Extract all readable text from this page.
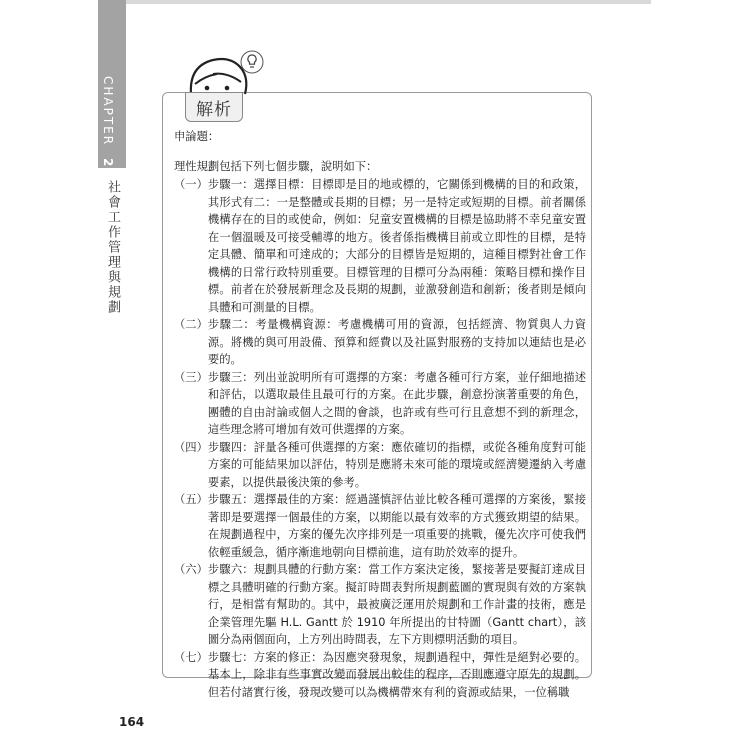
CHAPTER 2
社會工作管理與規劃
解析
申論題：
理性規劃包括下列七個步驟，說明如下：
（一） 步驟一：選擇目標：目標即是目的地或標的，它關係到機構的目的和政策，其形式有二：一是整體或長期的目標；另一是特定或短期的目標。前者關係機構存在的目的或使命，例如：兒童安置機構的目標是協助將不幸兒童安置在一個溫暖及可接受輔導的地方。後者係指機構目前或立即性的目標，是特定具體、簡單和可達成的；大部分的目標皆是短期的，這種目標對社會工作機構的日常行政特別重要。目標管理的目標可分為兩種：策略目標和操作目標。前者在於發展新理念及長期的規劃，並激發創造和創新；後者則是傾向具體和可測量的目標。
（二） 步驟二：考量機構資源：考慮機構可用的資源，包括經濟、物質與人力資源。將機的與可用設備、預算和經費以及社區對服務的支持加以連結也是必要的。
（三） 步驟三：列出並說明所有可選擇的方案：考慮各種可行方案，並仔細地描述和評估，以選取最佳且最可行的方案。在此步驟，創意扮演著重要的角色，團體的自由討論或個人之間的會談，也許或有些可行且意想不到的新理念，這些理念將可增加有效可供選擇的方案。
（四） 步驟四：評量各種可供選擇的方案：應依確切的指標，或從各種角度對可能方案的可能結果加以評估，特別是應將未來可能的環境或經濟變遷納入考慮要素，以提供最後決策的參考。
（五） 步驟五：選擇最佳的方案：經過謹慎評估並比較各種可選擇的方案後，緊接著即是要選擇一個最佳的方案，以期能以最有效率的方式獲致期望的結果。在規劃過程中，方案的優先次序排列是一項重要的挑戰，優先次序可使我們依輕重緩急，循序漸進地朝向目標前進，這有助於效率的提升。
（六） 步驟六：規劃具體的行動方案：當工作方案決定後，緊接著是要擬訂達成目標之具體明確的行動方案。擬訂時間表對所規劃藍圖的實現與有效的方案執行，是相當有幫助的。其中，最被廣泛運用於規劃和工作計畫的技術，應是企業管理先驅 H.L. Gantt 於 1910 年所提出的甘特圖（Gantt chart），該圖分為兩個面向，上方列出時間表，左下方則標明活動的項目。
（七） 步驟七：方案的修正：為因應突發現象，規劃過程中，彈性是絕對必要的。基本上，除非有些事實改變而發展出較佳的程序，否則應遵守原先的規劃。但若付諸實行後，發現改變可以為機構帶來有利的資源或結果，一位稱職
164
